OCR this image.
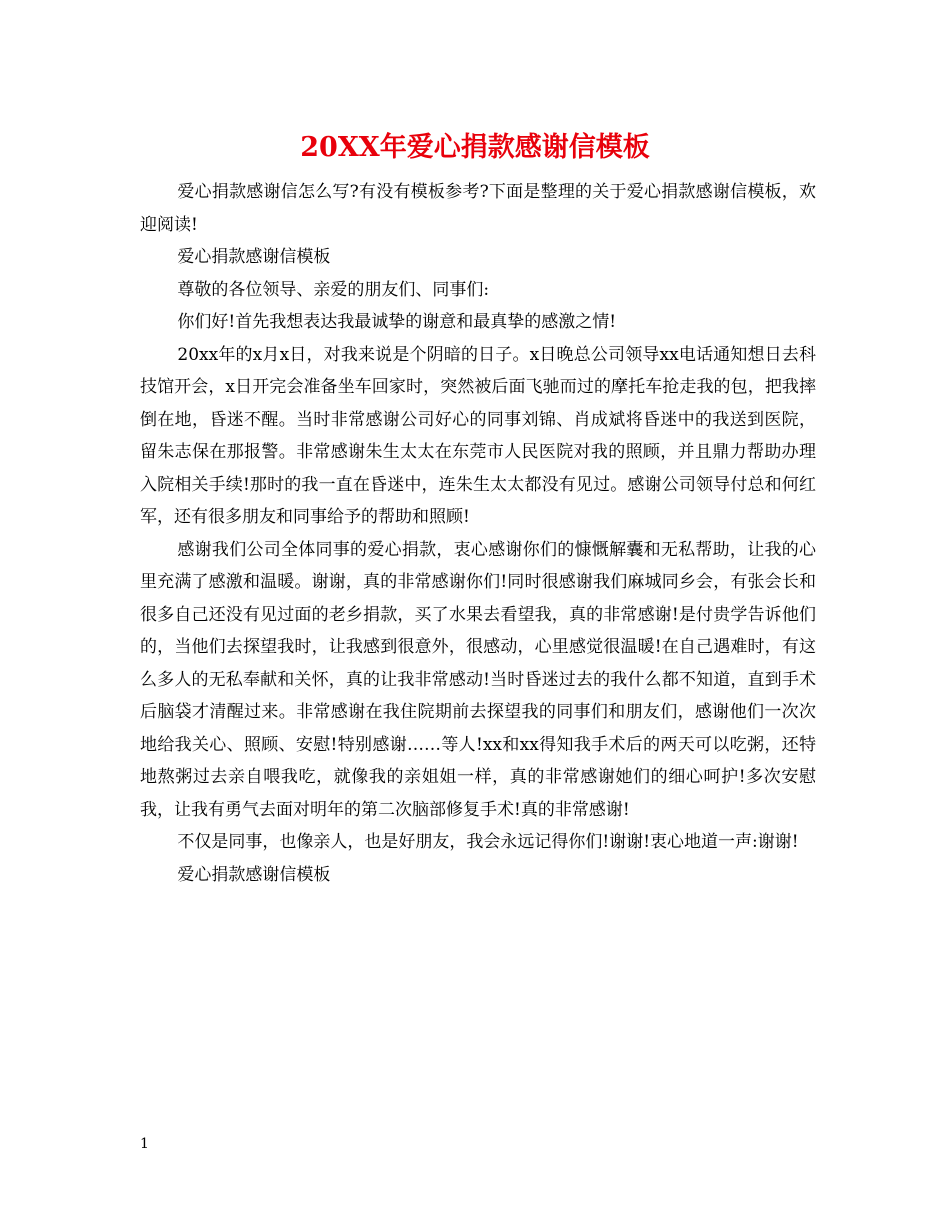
20XX年爱心捐款感谢信模板

爱心捐款感谢信怎么写?有没有模板参考?下面是整理的关于爱心捐款感谢信模板，欢迎阅读!

爱心捐款感谢信模板

尊敬的各位领导、亲爱的朋友们、同事们:

你们好!首先我想表达我最诚挚的谢意和最真挚的感激之情!

20xx年的x月x日，对我来说是个阴暗的日子。x日晚总公司领导xx电话通知想日去科技馆开会，x日开完会准备坐车回家时，突然被后面飞驰而过的摩托车抢走我的包，把我摔倒在地，昏迷不醒。当时非常感谢公司好心的同事刘锦、肖成斌将昏迷中的我送到医院，留朱志保在那报警。非常感谢朱生太太在东莞市人民医院对我的照顾，并且鼎力帮助办理入院相关手续!那时的我一直在昏迷中，连朱生太太都没有见过。感谢公司领导付总和何红军，还有很多朋友和同事给予的帮助和照顾!

感谢我们公司全体同事的爱心捐款，衷心感谢你们的慷慨解囊和无私帮助，让我的心里充满了感激和温暖。谢谢，真的非常感谢你们!同时很感谢我们麻城同乡会，有张会长和很多自己还没有见过面的老乡捐款，买了水果去看望我，真的非常感谢!是付贵学告诉他们的，当他们去探望我时，让我感到很意外，很感动，心里感觉很温暖!在自己遇难时，有这么多人的无私奉献和关怀，真的让我非常感动!当时昏迷过去的我什么都不知道，直到手术后脑袋才清醒过来。非常感谢在我住院期前去探望我的同事们和朋友们，感谢他们一次次地给我关心、照顾、安慰!特别感谢……等人!xx和xx得知我手术后的两天可以吃粥，还特地熬粥过去亲自喂我吃，就像我的亲姐姐一样，真的非常感谢她们的细心呵护!多次安慰我，让我有勇气去面对明年的第二次脑部修复手术!真的非常感谢!

不仅是同事，也像亲人，也是好朋友，我会永远记得你们!谢谢!衷心地道一声:谢谢!

爱心捐款感谢信模板

1
